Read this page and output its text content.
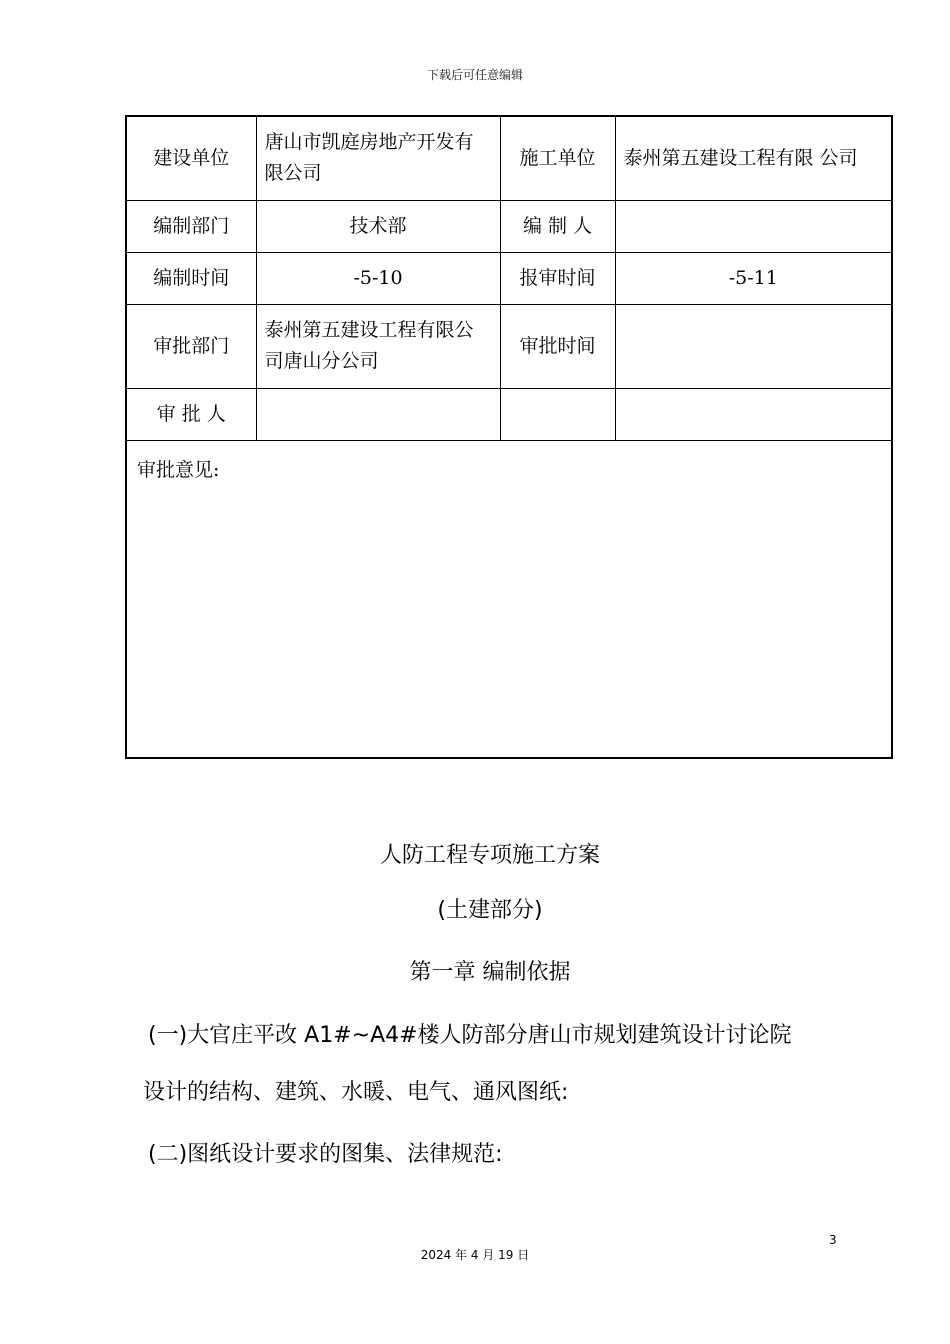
下载后可任意编辑
建设单位	唐山市凯庭房地产开发有限公司	施工单位	泰州第五建设工程有限 公司
编制部门	技术部	编 制 人	
编制时间	-5-10	报审时间	-5-11
审批部门	泰州第五建设工程有限公司唐山分公司	审批时间	
审 批 人			
审批意见:			
人防工程专项施工方案
(土建部分)
第一章 编制依据
(一)大官庄平改 A1#~A4#楼人防部分唐山市规划建筑设计讨论院
设计的结构、建筑、水暖、电气、通风图纸:
(二)图纸设计要求的图集、法律规范:
3
2024 年 4 月 19 日
